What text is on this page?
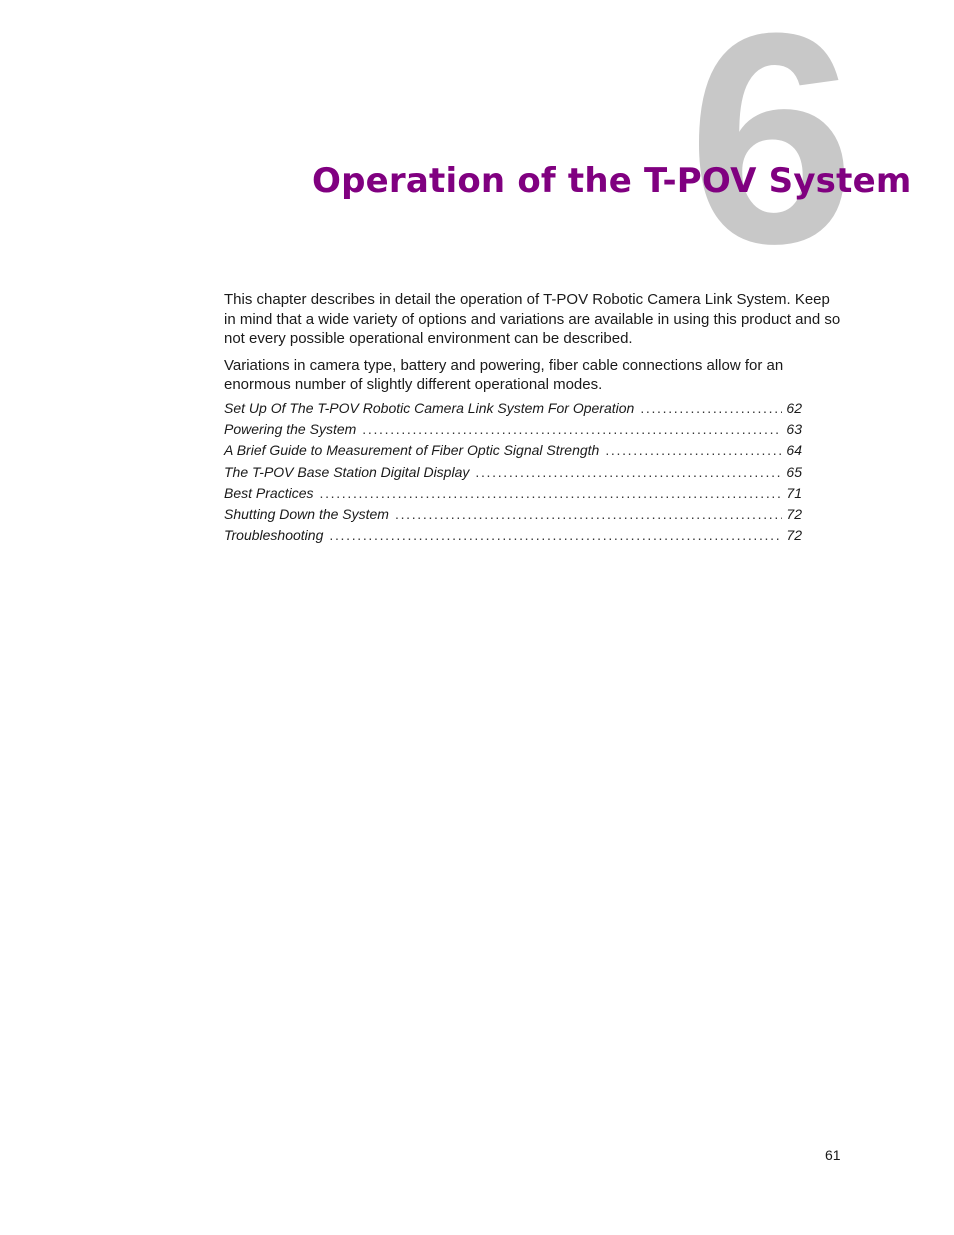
6
Operation of the T-POV System

This chapter describes in detail the operation of T-POV Robotic Camera Link System. Keep in mind that a wide variety of options and variations are available in using this product and so not every possible operational environment can be described.

Variations in camera type, battery and powering, fiber cable connections allow for an enormous number of slightly different operational modes.

Set Up Of The T-POV Robotic Camera Link System For Operation . . .	62
Powering the System . . .	63
A Brief Guide to Measurement of Fiber Optic Signal Strength . . .	64
The T-POV Base Station Digital Display . . .	65
Best Practices . . .	71
Shutting Down the System . . .	72
Troubleshooting . . .	72
61
